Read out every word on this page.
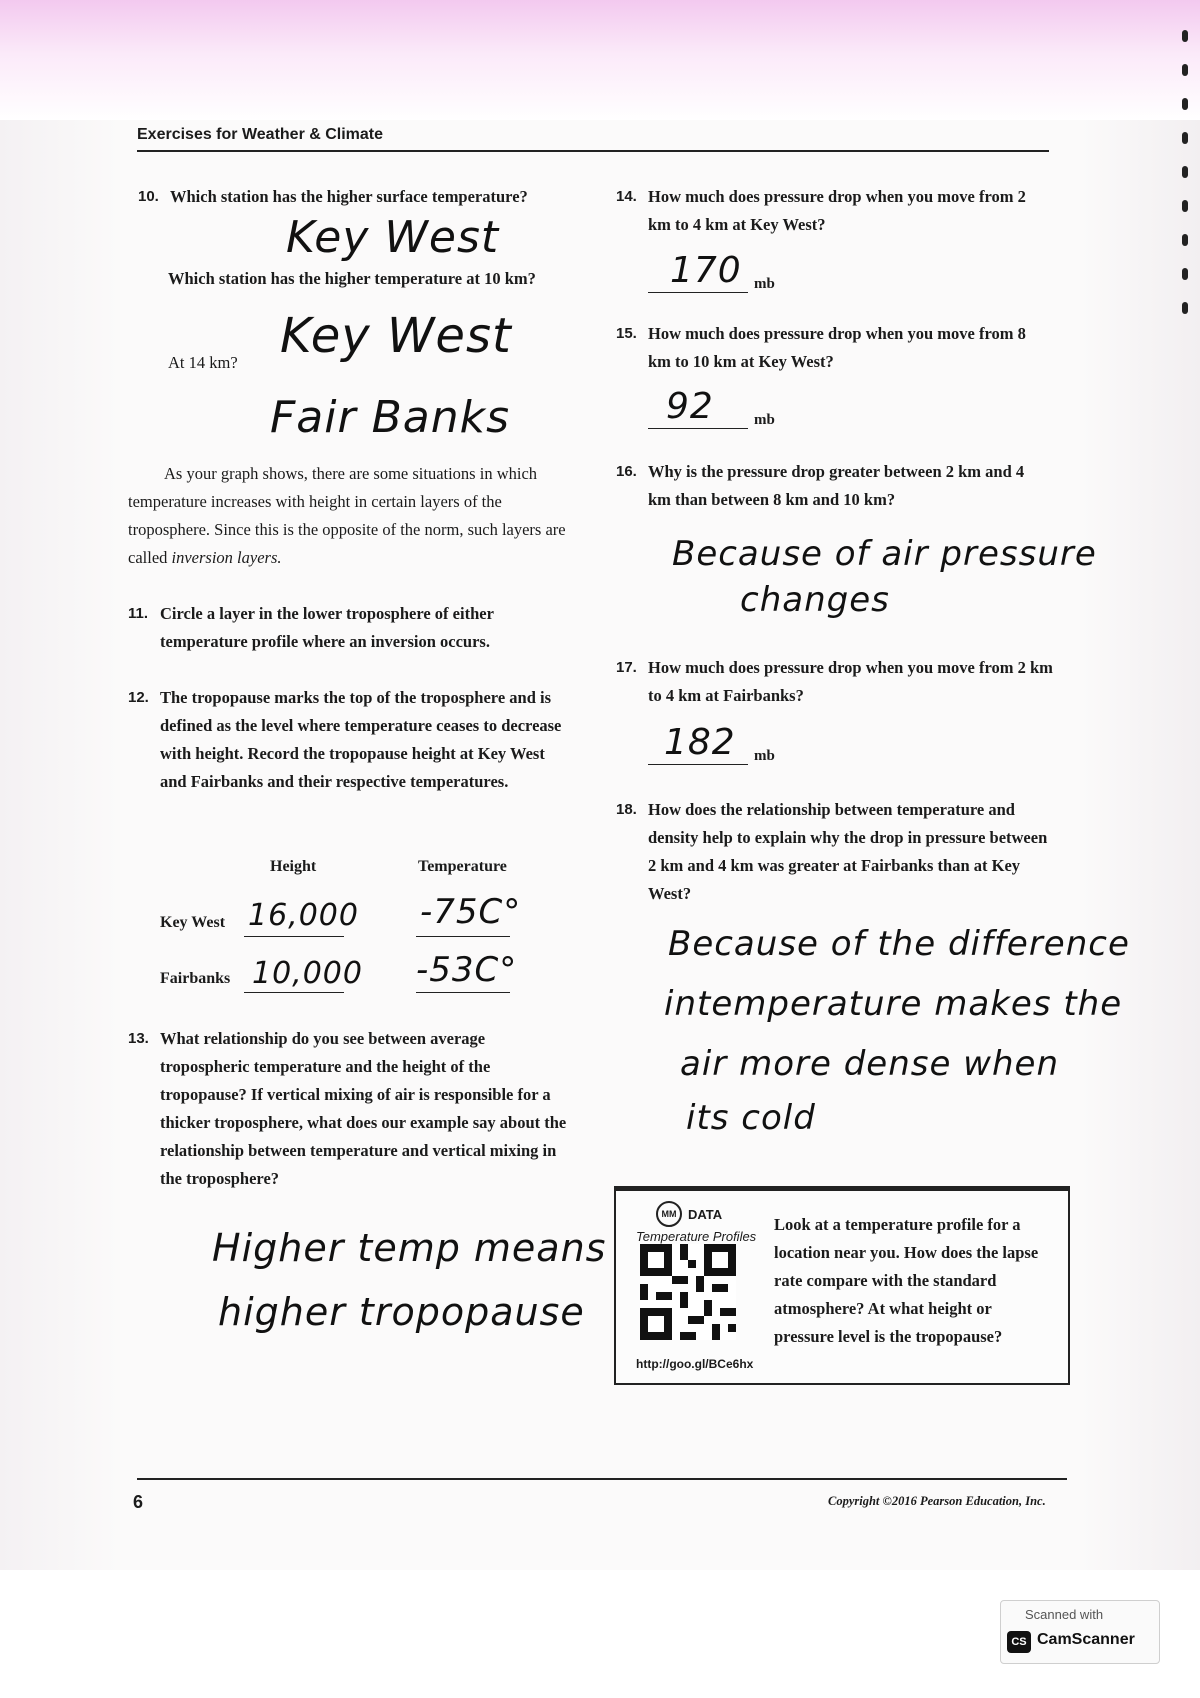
Exercises for Weather & Climate
10. Which station has the higher surface temperature?
Key West
Which station has the higher temperature at 10 km?
Key West
At 14 km?
Fair Banks
As your graph shows, there are some situations in which temperature increases with height in certain layers of the troposphere. Since this is the opposite of the norm, such layers are called inversion layers.
11. Circle a layer in the lower troposphere of either temperature profile where an inversion occurs.
12. The tropopause marks the top of the troposphere and is defined as the level where temperature ceases to decrease with height. Record the tropopause height at Key West and Fairbanks and their respective temperatures.
Height	Temperature
Key West 16,000 -75C°
Fairbanks 10,000 -53C°
13. What relationship do you see between average tropospheric temperature and the height of the tropopause? If vertical mixing of air is responsible for a thicker troposphere, what does our example say about the relationship between temperature and vertical mixing in the troposphere?
Higher temp means
higher tropopause
14. How much does pressure drop when you move from 2 km to 4 km at Key West?
170 mb
15. How much does pressure drop when you move from 8 km to 10 km at Key West?
92	mb
16. Why is the pressure drop greater between 2 km and 4 km than between 8 km and 10 km?
Because of air pressure
changes
17. How much does pressure drop when you move from 2 km to 4 km at Fairbanks?
182 mb
18. How does the relationship between temperature and density help to explain why the drop in pressure between 2 km and 4 km was greater at Fairbanks than at Key West?
Because of the difference
intemperature makes the
air more dense when
its cold
MM DATA
Temperature Profiles
http://goo.gl/BCe6hx
Look at a temperature profile for a location near you. How does the lapse rate compare with the standard atmosphere? At what height or pressure level is the tropopause?
6	Copyright ©2016 Pearson Education, Inc.
Scanned with
CS CamScanner
